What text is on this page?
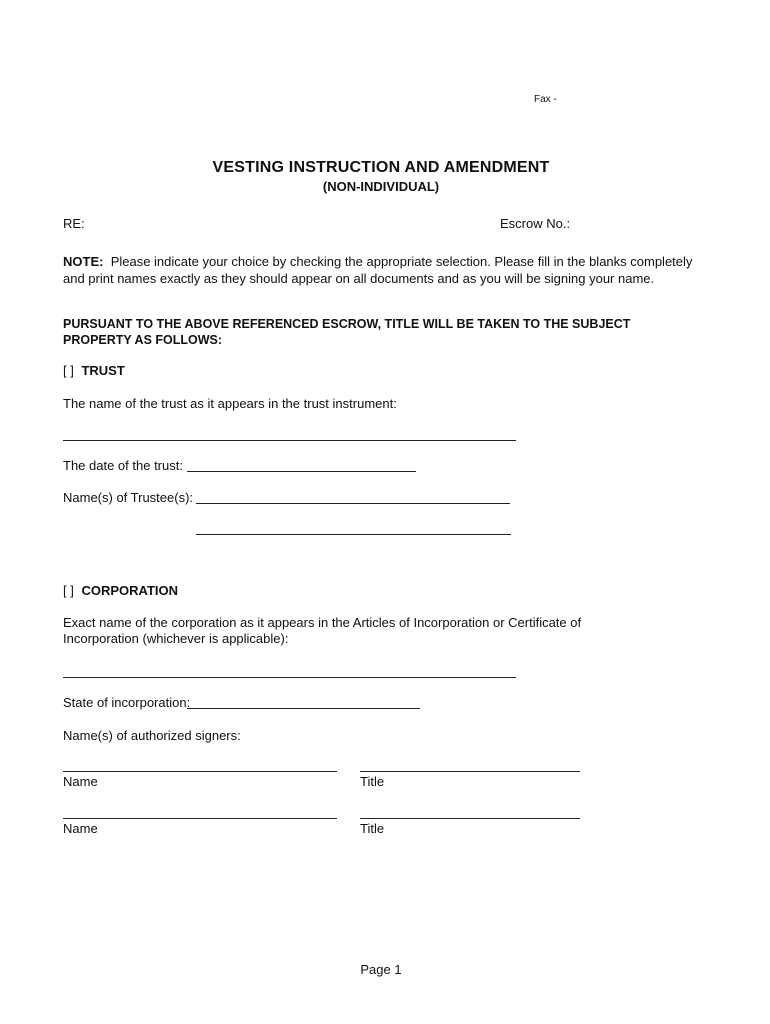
Fax -
VESTING INSTRUCTION AND AMENDMENT
(NON-INDIVIDUAL)
RE:	Escrow No.:
NOTE: Please indicate your choice by checking the appropriate selection. Please fill in the blanks completely and print names exactly as they should appear on all documents and as you will be signing your name.
PURSUANT TO THE ABOVE REFERENCED ESCROW, TITLE WILL BE TAKEN TO THE SUBJECT PROPERTY AS FOLLOWS:
[ ] TRUST
The name of the trust as it appears in the trust instrument:
The date of the trust:
Name(s) of Trustee(s):
[ ] CORPORATION
Exact name of the corporation as it appears in the Articles of Incorporation or Certificate of Incorporation (whichever is applicable):
State of incorporation:
Name(s) of authorized signers:
Name	Title
Name	Title
Page 1
